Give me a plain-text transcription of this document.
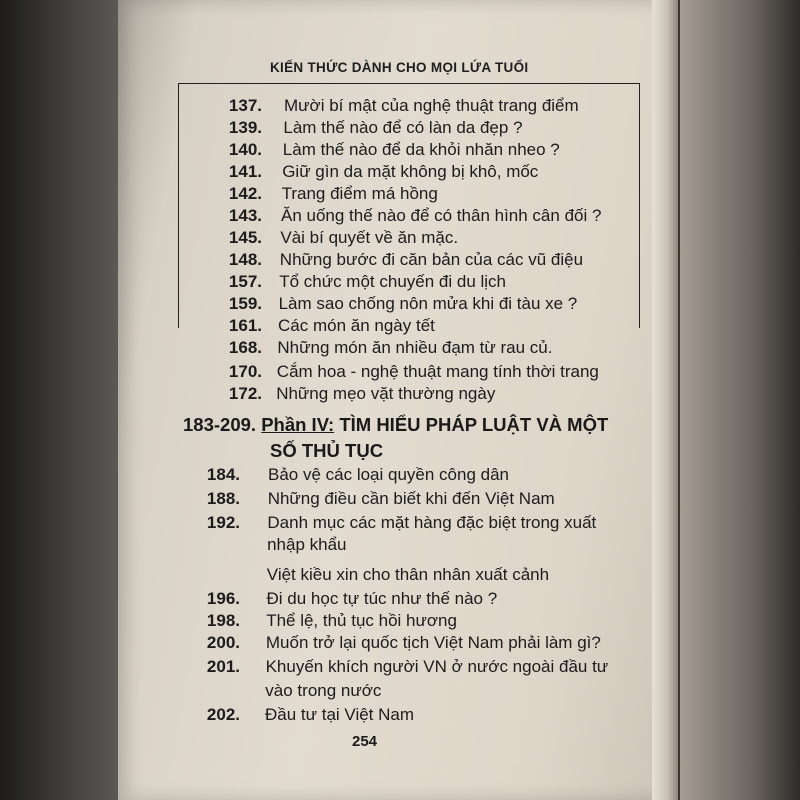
KIẾN THỨC DÀNH CHO MỌI LỨA TUỔI
137. Mười bí mật của nghệ thuật trang điểm
139. Làm thế nào để có làn da đẹp ?
140. Làm thế nào để da khỏi nhăn nheo ?
141. Giữ gìn da mặt không bị khô, mốc
142. Trang điểm má hồng
143. Ăn uống thế nào để có thân hình cân đối ?
145. Vài bí quyết về ăn mặc.
148. Những bước đi căn bản của các vũ điệu
157. Tổ chức một chuyến đi du lịch
159. Làm sao chống nôn mửa khi đi tàu xe ?
161. Các món ăn ngày tết
168. Những món ăn nhiều đạm từ rau củ.
170. Cắm hoa - nghệ thuật mang tính thời trang
172. Những mẹo vặt thường ngày
183-209. Phần IV: TÌM HIỂU PHÁP LUẬT VÀ MỘT
SỐ THỦ TỤC
184. Bảo vệ các loại quyền công dân
188. Những điều cần biết khi đến Việt Nam
192. Danh mục các mặt hàng đặc biệt trong xuất
nhập khẩu
Việt kiều xin cho thân nhân xuất cảnh
196. Đi du học tự túc như thế nào ?
198. Thể lệ, thủ tục hồi hương
200. Muốn trở lại quốc tịch Việt Nam phải làm gì?
201. Khuyến khích người VN ở nước ngoài đầu tư
vào trong nước
202. Đầu tư tại Việt Nam
254
